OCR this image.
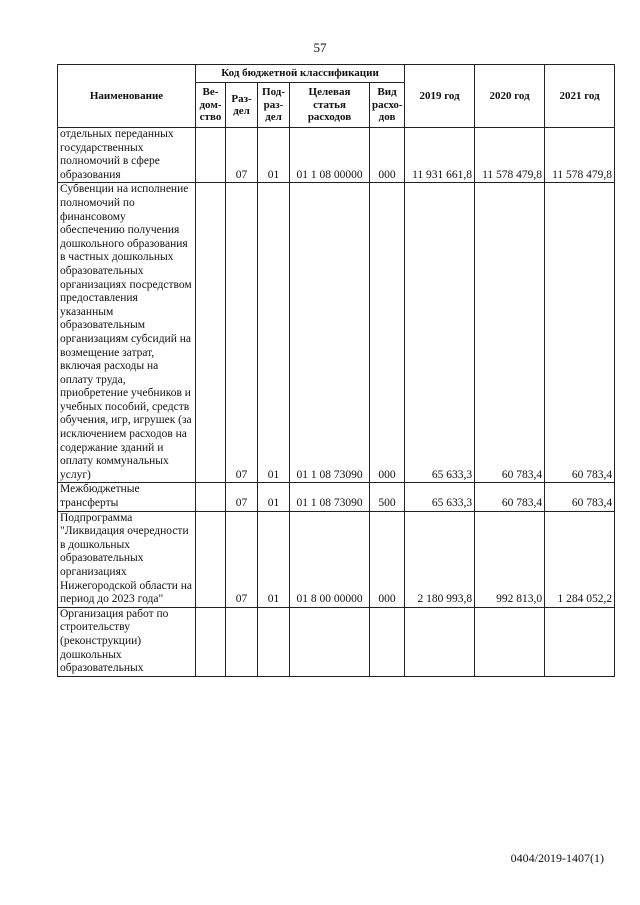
57
Наименование	Код бюджетной классификации					2019 год	2020 год	2021 год
	Ве-дом-ство	Раз-дел	Под-раз-дел	Целевая статья расходов	Вид расхо-дов			
отдельных переданных государственных полномочий в сфере образования		07	01	01 1 08 00000	000	11 931 661,8	11 578 479,8	11 578 479,8
Субвенции на исполнение полномочий по финансовому обеспечению получения дошкольного образования в частных дошкольных образовательных организациях посредством предоставления указанным образовательным организациям субсидий на возмещение затрат, включая расходы на оплату труда, приобретение учебников и учебных пособий, средств обучения, игр, игрушек (за исключением расходов на содержание зданий и оплату коммунальных услуг)		07	01	01 1 08 73090	000	65 633,3	60 783,4	60 783,4
Межбюджетные трансферты		07	01	01 1 08 73090	500	65 633,3	60 783,4	60 783,4
Подпрограмма "Ликвидация очередности в дошкольных образовательных организациях Нижегородской области на период до 2023 года"		07	01	01 8 00 00000	000	2 180 993,8	992 813,0	1 284 052,2
Организация работ по строительству (реконструкции) дошкольных образовательных								
0404/2019-1407(1)
